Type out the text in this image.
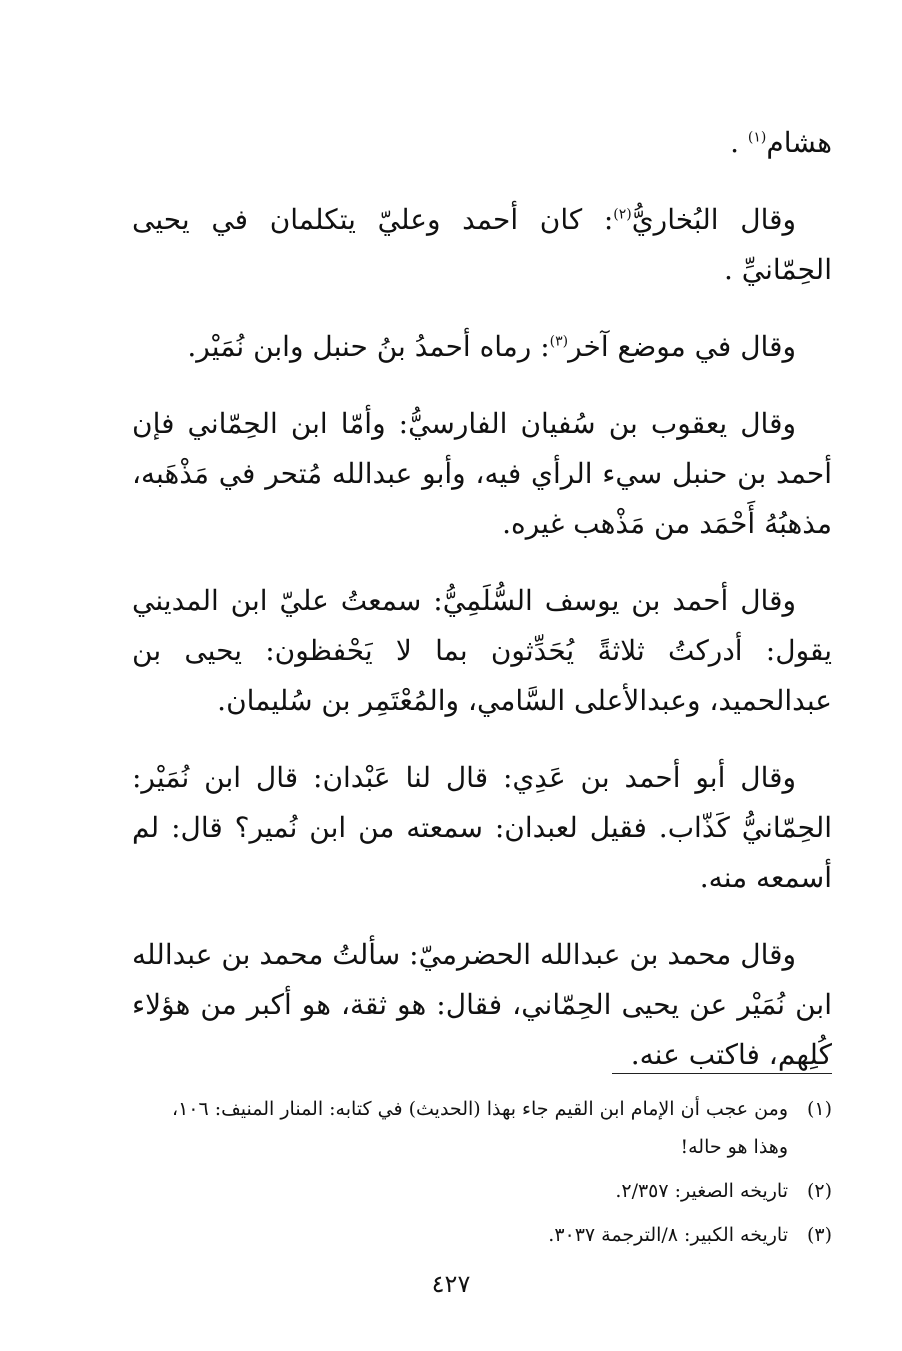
هشام$^{(١)}$ .

وقال البُخاريُّ$^{(٢)}$: كان أحمد وعليّ يتكلمان في يحيى الحِمّانيِّ .

وقال في موضع آخر$^{(٣)}$: رماه أحمدُ بنُ حنبل وابن نُمَيْر.

وقال يعقوب بن سُفيان الفارسيُّ: وأمّا ابن الحِمّاني فإن أحمد بن حنبل سيء الرأي فيه، وأبو عبدالله مُتحر في مَذْهَبه، مذهبُهُ أَحْمَد من مَذْهب غيره.

وقال أحمد بن يوسف السُّلَمِيُّ: سمعتُ عليّ ابن المديني يقول: أدركتُ ثلاثةً يُحَدِّثون بما لا يَحْفظون: يحيى بن عبدالحميد، وعبدالأعلى السَّامي، والمُعْتَمِر بن سُليمان.

وقال أبو أحمد بن عَدِي: قال لنا عَبْدان: قال ابن نُمَيْر: الحِمّانيُّ كَذّاب. فقيل لعبدان: سمعته من ابن نُمير؟ قال: لم أسمعه منه.

وقال محمد بن عبدالله الحضرميّ: سألتُ محمد بن عبدالله ابن نُمَيْر عن يحيى الحِمّاني، فقال: هو ثقة، هو أكبر من هؤلاء كُلِهم، فاكتب عنه.

(١)
ومن عجب أن الإمام ابن القيم جاء بهذا (الحديث) في كتابه: المنار المنيف: ١٠٦، وهذا هو حاله!
(٢)
تاريخه الصغير: ٢/٣٥٧.
(٣)
تاريخه الكبير: ٨/الترجمة ٣٠٣٧.
٤٢٧
